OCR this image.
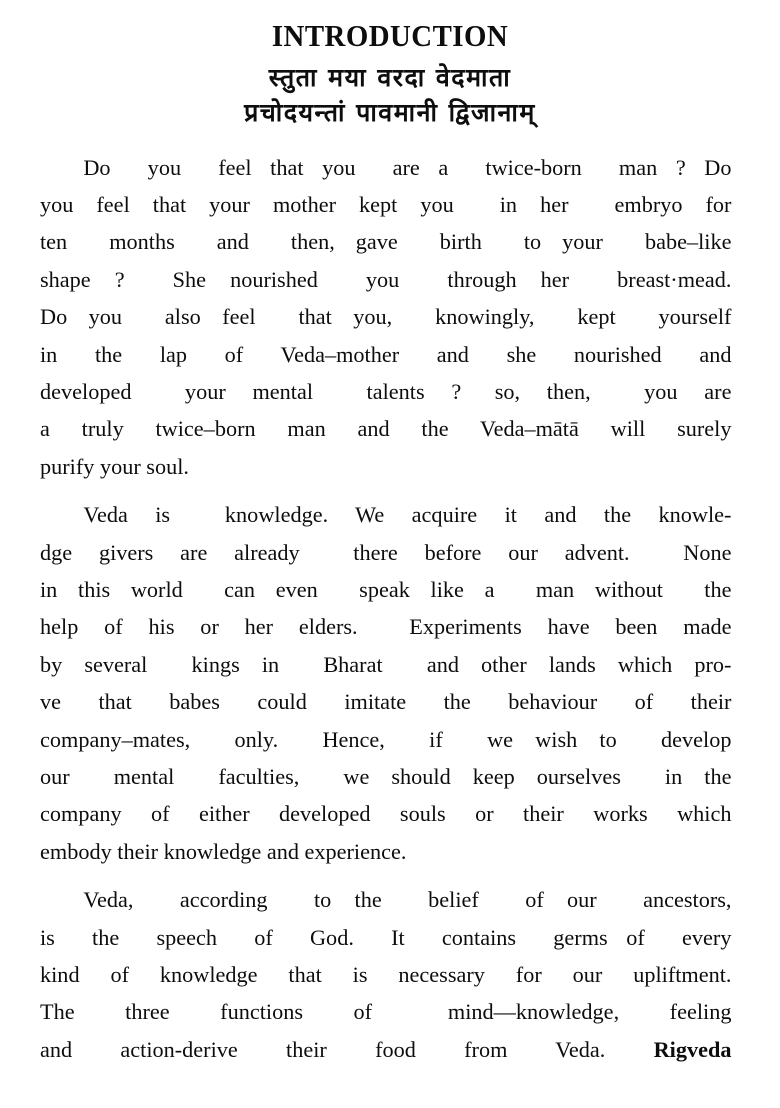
INTRODUCTION

स्तुता मया वरदा वेदमाता

प्रचोदयन्तां पावमानी द्विजानाम्

Do  you  feel that you  are a  twice-born  man ? Do
you feel that your mother kept you  in her  embryo for
ten  months  and  then, gave  birth  to your  babe–like
shape ?  She nourished  you  through her  breast·mead.
Do you  also feel  that you,  knowingly,  kept  yourself
in  the  lap  of  Veda–mother  and  she  nourished  and
developed  your mental  talents ? so, then,  you are
a truly twice–born man and the Veda–mātā will surely
purify your soul.
Veda is  knowledge. We acquire it and the knowle-
dge givers are already  there before our advent.  None
in this world  can even  speak like a  man without  the
help of his or her elders.  Experiments have been made
by several  kings in  Bharat  and other lands which pro-
ve  that  babes  could  imitate  the  behaviour  of  their
company–mates,  only.  Hence,  if  we wish to  develop
our  mental  faculties,  we should keep ourselves  in the
company of either developed souls or their works which
embody their knowledge and experience.
Veda,  according  to the  belief  of our  ancestors,
is  the  speech  of  God.  It  contains  germs of  every
kind of knowledge that is necessary for our upliftment.
The  three  functions  of   mind—knowledge,  feeling
and  action-derive  their  food  from  Veda.  Rigveda
